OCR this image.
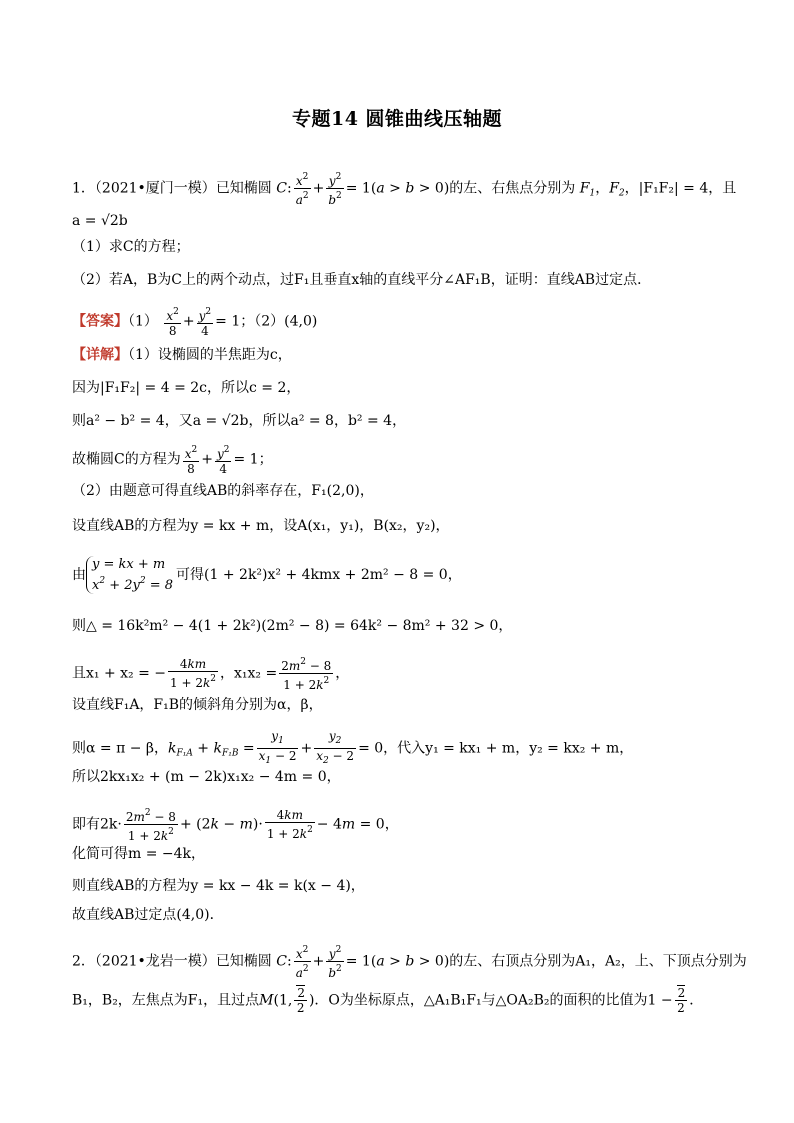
专题14 圆锥曲线压轴题
1．（2021•厦门一模）已知椭圆 C: $\frac{x^2}{a^2} + \frac{y^2}{b^2} = 1(a > b > 0)$的左、右焦点分别为 $F_1$，$F_2$，|F₁F₂| = 4，且
a = √2b
（1）求C的方程；
（2）若A，B为C上的两个动点，过F₁且垂直x轴的直线平分∠AF₁B，证明：直线AB过定点．
【答案】$(1) \frac{x^2}{8} + \frac{y^2}{4} = 1$；（2）(4,0)
【详解】（1）设椭圆的半焦距为c，
因为|F₁F₂| = 4 = 2c，所以c = 2，
则a² − b² = 4，又a = √2b，所以a² = 8，b² = 4，
故椭圆C的方程为 $\frac{x^2}{8} + \frac{y^2}{4} = 1$；
（2）由题意可得直线AB的斜率存在，F₁(2,0)，
设直线AB的方程为y = kx + m，设A(x₁，y₁)，B(x₂，y₂)，
由
y = kx + m
$x^2 + 2y^2 = 8$
可得(1 + 2k²)x² + 4kmx + 2m² − 8 = 0，
则△ = 16k²m² − 4(1 + 2k²)(2m² − 8) = 64k² − 8m² + 32 > 0，
且x₁ + x₂ = − $\frac{4km}{1 + 2k^2}$ ，$x_1x_2 = \frac{2m^2 - 8}{1 + 2k^2}$ ，
设直线F₁A，F₁B的倾斜角分别为α，β，
则α = π − β，$k_{F_1A} + k_{F_1B} = \frac{y_1}{x_1 - 2} + \frac{y_2}{x_2 - 2} = 0$，代入y₁ = kx₁ + m，y₂ = kx₂ + m，
所以2kx₁x₂ + (m − 2k)x₁x₂ − 4m = 0，
即有$2k\cdot \frac{2m^2 - 8}{1 + 2k^2} + (2k - m)\cdot \frac{4km}{1 + 2k^2} - 4m = 0$，
化简可得m = −4k，
则直线AB的方程为y = kx − 4k = k(x − 4)，
故直线AB过定点(4,0)．
2．（2021•龙岩一模）已知椭圆 C: $\frac{x^2}{a^2} + \frac{y^2}{b^2} = 1(a > b > 0)$的左、右顶点分别为A₁，A₂，上、下顶点分别为
B₁，B₂，左焦点为F₁，且过点M(1, $\frac{2}{2}$ )．O为坐标原点，△A₁B₁F₁与△OA₂B₂的面积的比值为$1 - \frac{2}{2}$ ．
